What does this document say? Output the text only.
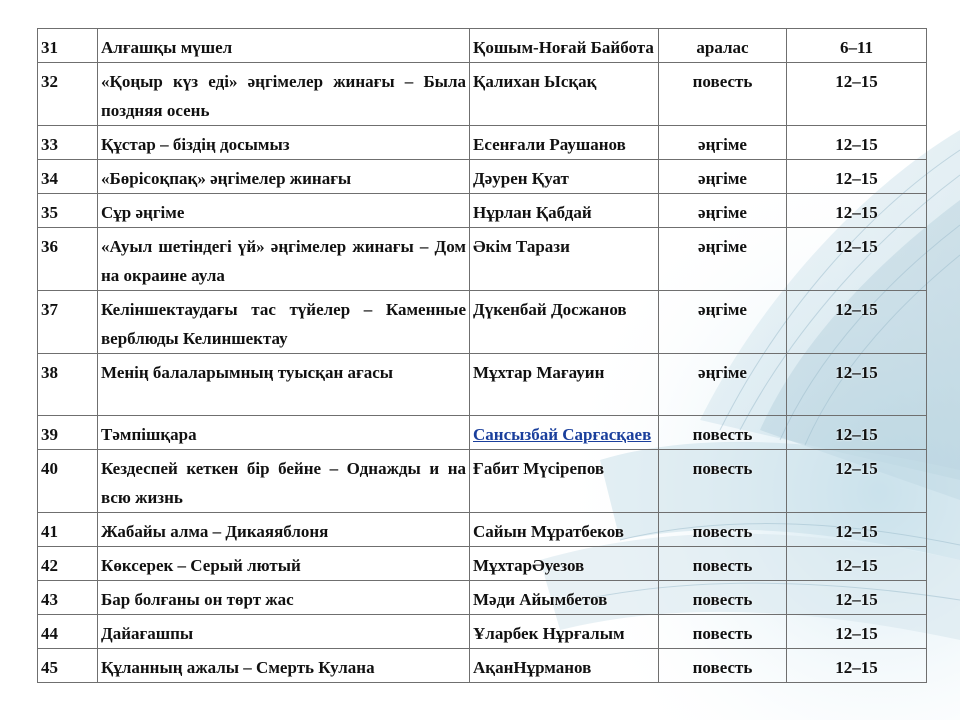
31	Алғашқы мүшел	Қошым-Ноғай Байбота	аралас	6–11
32	«Қоңыр күз еді» әңгімелер жинағы – Была поздняя осень	Қалихан Ысқақ	повесть	12–15
33	Құстар – біздің досымыз	Есенғали Раушанов	әңгіме	12–15
34	«Бөрісоқпақ» әңгімелер жинағы	Дәурен Қуат	әңгіме	12–15
35	Сұр әңгіме	Нұрлан Қабдай	әңгіме	12–15
36	«Ауыл шетіндегі үй» әңгімелер жинағы – Дом на окраине аула	Әкім Тарази	әңгіме	12–15
37	Келіншектаудағы тас түйелер – Каменные верблюды Келиншектау	Дүкенбай Досжанов	әңгіме	12–15
38	Менің балаларымның туысқан ағасы	Мұхтар Мағауин	әңгіме	12–15
39	Тәмпішқара	Сансызбай Сарғасқаев	повесть	12–15
40	Кездеспей кеткен бір бейне – Однажды и на всю жизнь	Ғабит Мүсірепов	повесть	12–15
41	Жабайы алма – Дикаяяблоня	Сайын Мұратбеков	повесть	12–15
42	Көксерек – Серый лютый	МұхтарӘуезов	повесть	12–15
43	Бар болғаны он төрт жас	Мәди Айымбетов	повесть	12–15
44	Дайағашпы	Ұларбек Нұрғалым	повесть	12–15
45	Құланның ажалы – Смерть Кулана	АқанНұрманов	повесть	12–15
